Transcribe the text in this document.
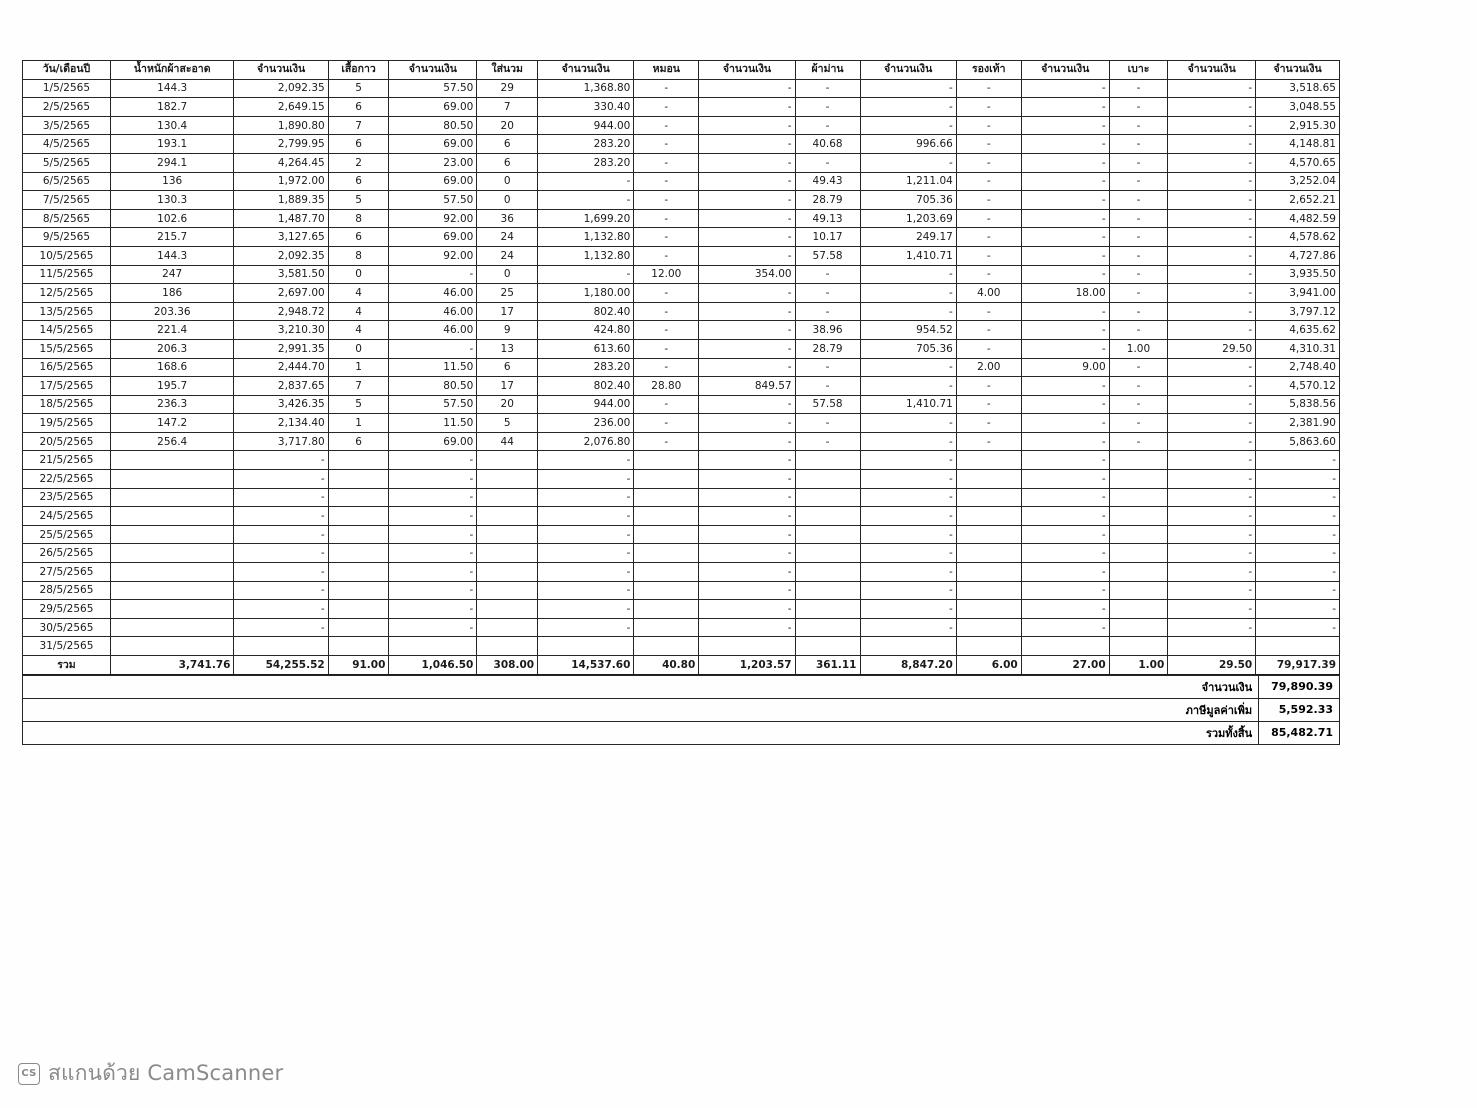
วัน/เดือนปี	น้ำหนักผ้าสะอาด	จำนวนเงิน	เสื้อกาว	จำนวนเงิน	ใส่นวม	จำนวนเงิน	หมอน	จำนวนเงิน	ผ้าม่าน	จำนวนเงิน	รองเท้า	จำนวนเงิน	เบาะ	จำนวนเงิน	จำนวนเงิน
1/5/2565	144.3	2,092.35	5	57.50	29	1,368.80	-	-	-	-	-	-	-	-	3,518.65
2/5/2565	182.7	2,649.15	6	69.00	7	330.40	-	-	-	-	-	-	-	-	3,048.55
3/5/2565	130.4	1,890.80	7	80.50	20	944.00	-	-	-	-	-	-	-	-	2,915.30
4/5/2565	193.1	2,799.95	6	69.00	6	283.20	-	-	40.68	996.66	-	-	-	-	4,148.81
5/5/2565	294.1	4,264.45	2	23.00	6	283.20	-	-	-	-	-	-	-	-	4,570.65
6/5/2565	136	1,972.00	6	69.00	0	-	-	-	49.43	1,211.04	-	-	-	-	3,252.04
7/5/2565	130.3	1,889.35	5	57.50	0	-	-	-	28.79	705.36	-	-	-	-	2,652.21
8/5/2565	102.6	1,487.70	8	92.00	36	1,699.20	-	-	49.13	1,203.69	-	-	-	-	4,482.59
9/5/2565	215.7	3,127.65	6	69.00	24	1,132.80	-	-	10.17	249.17	-	-	-	-	4,578.62
10/5/2565	144.3	2,092.35	8	92.00	24	1,132.80	-	-	57.58	1,410.71	-	-	-	-	4,727.86
11/5/2565	247	3,581.50	0	-	0	-	12.00	354.00	-	-	-	-	-	-	3,935.50
12/5/2565	186	2,697.00	4	46.00	25	1,180.00	-	-	-	-	4.00	18.00	-	-	3,941.00
13/5/2565	203.36	2,948.72	4	46.00	17	802.40	-	-	-	-	-	-	-	-	3,797.12
14/5/2565	221.4	3,210.30	4	46.00	9	424.80	-	-	38.96	954.52	-	-	-	-	4,635.62
15/5/2565	206.3	2,991.35	0	-	13	613.60	-	-	28.79	705.36	-	-	1.00	29.50	4,310.31
16/5/2565	168.6	2,444.70	1	11.50	6	283.20	-	-	-	-	2.00	9.00	-	-	2,748.40
17/5/2565	195.7	2,837.65	7	80.50	17	802.40	28.80	849.57	-	-	-	-	-	-	4,570.12
18/5/2565	236.3	3,426.35	5	57.50	20	944.00	-	-	57.58	1,410.71	-	-	-	-	5,838.56
19/5/2565	147.2	2,134.40	1	11.50	5	236.00	-	-	-	-	-	-	-	-	2,381.90
20/5/2565	256.4	3,717.80	6	69.00	44	2,076.80	-	-	-	-	-	-	-	-	5,863.60
21/5/2565		-		-		-		-		-		-		-	-
22/5/2565		-		-		-		-		-		-		-	-
23/5/2565		-		-		-		-		-		-		-	-
24/5/2565		-		-		-		-		-		-		-	-
25/5/2565		-		-		-		-		-		-		-	-
26/5/2565		-		-		-		-		-		-		-	-
27/5/2565		-		-		-		-		-		-		-	-
28/5/2565		-		-		-		-		-		-		-	-
29/5/2565		-		-		-		-		-		-		-	-
30/5/2565		-		-		-		-		-		-		-	-
31/5/2565															
รวม	3,741.76	54,255.52	91.00	1,046.50	308.00	14,537.60	40.80	1,203.57	361.11	8,847.20	6.00	27.00	1.00	29.50	79,917.39
จำนวนเงิน	79,890.39
ภาษีมูลค่าเพิ่ม	5,592.33
รวมทั้งสิ้น	85,482.71
CS สแกนด้วย CamScanner
